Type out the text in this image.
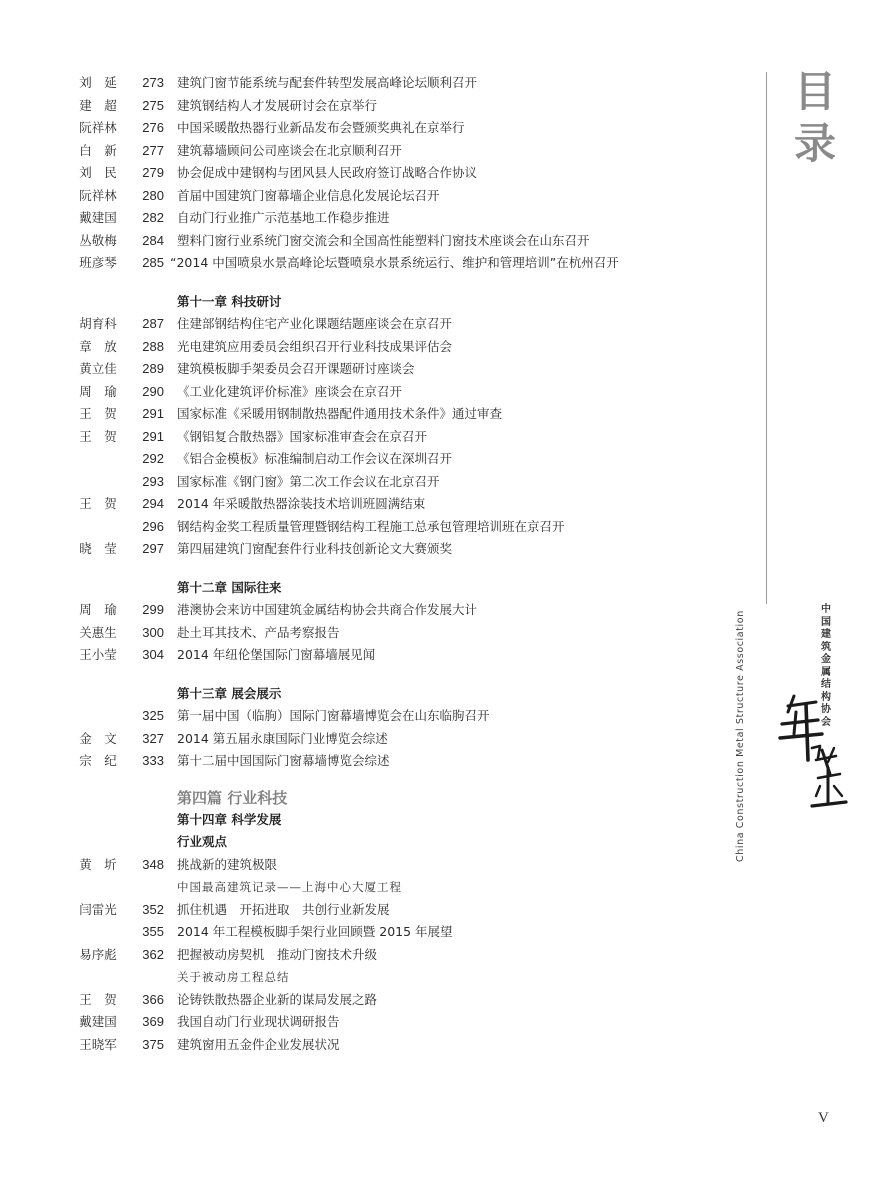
刘　延	273 建筑门窗节能系统与配套件转型发展高峰论坛顺利召开
建　超	275 建筑钢结构人才发展研讨会在京举行
阮祥林	276 中国采暖散热器行业新品发布会暨颁奖典礼在京举行
白　新	277 建筑幕墙顾问公司座谈会在北京顺利召开
刘　民	279 协会促成中建钢构与团风县人民政府签订战略合作协议
阮祥林	280 首届中国建筑门窗幕墙企业信息化发展论坛召开
戴建国	282 自动门行业推广示范基地工作稳步推进
丛敬梅	284 塑料门窗行业系统门窗交流会和全国高性能塑料门窗技术座谈会在山东召开
班彦琴	285 “2014 中国喷泉水景高峰论坛暨喷泉水景系统运行、维护和管理培训”在杭州召开
第十一章 科技研讨
胡育科	287 住建部钢结构住宅产业化课题结题座谈会在京召开
章　放	288 光电建筑应用委员会组织召开行业科技成果评估会
黄立佳	289 建筑模板脚手架委员会召开课题研讨座谈会
周　瑜	290 《工业化建筑评价标准》座谈会在京召开
王　贺	291 国家标准《采暖用钢制散热器配件通用技术条件》通过审查
王　贺	291 《钢铝复合散热器》国家标准审查会在京召开
292 《铝合金模板》标准编制启动工作会议在深圳召开
293 国家标准《钢门窗》第二次工作会议在北京召开
王　贺	294 2014 年采暖散热器涂装技术培训班圆满结束
296 钢结构金奖工程质量管理暨钢结构工程施工总承包管理培训班在京召开
晓　莹	297 第四届建筑门窗配套件行业科技创新论文大赛颁奖
第十二章 国际往来
周　瑜	299 港澳协会来访中国建筑金属结构协会共商合作发展大计
关惠生	300 赴土耳其技术、产品考察报告
王小莹	304 2014 年纽伦堡国际门窗幕墙展见闻
第十三章 展会展示
325 第一届中国（临朐）国际门窗幕墙博览会在山东临朐召开
金　文	327 2014 第五届永康国际门业博览会综述
宗　纪	333 第十二届中国国际门窗幕墙博览会综述
第四篇 行业科技
第十四章 科学发展
行业观点
黄　圻	348 挑战新的建筑极限
中国最高建筑记录——上海中心大厦工程
闫雷光	352 抓住机遇　开拓进取　共创行业新发展
355 2014 年工程模板脚手架行业回顾暨 2015 年展望
易序彪	362 把握被动房契机　推动门窗技术升级
关于被动房工程总结
王　贺	366 论铸铁散热器企业新的谋局发展之路
戴建国	369 我国自动门行业现状调研报告
王晓军	375 建筑窗用五金件企业发展状况
目
录
中
国
建
筑
金
属
结
构
协
会
China Construction Metal Structure Association
V
